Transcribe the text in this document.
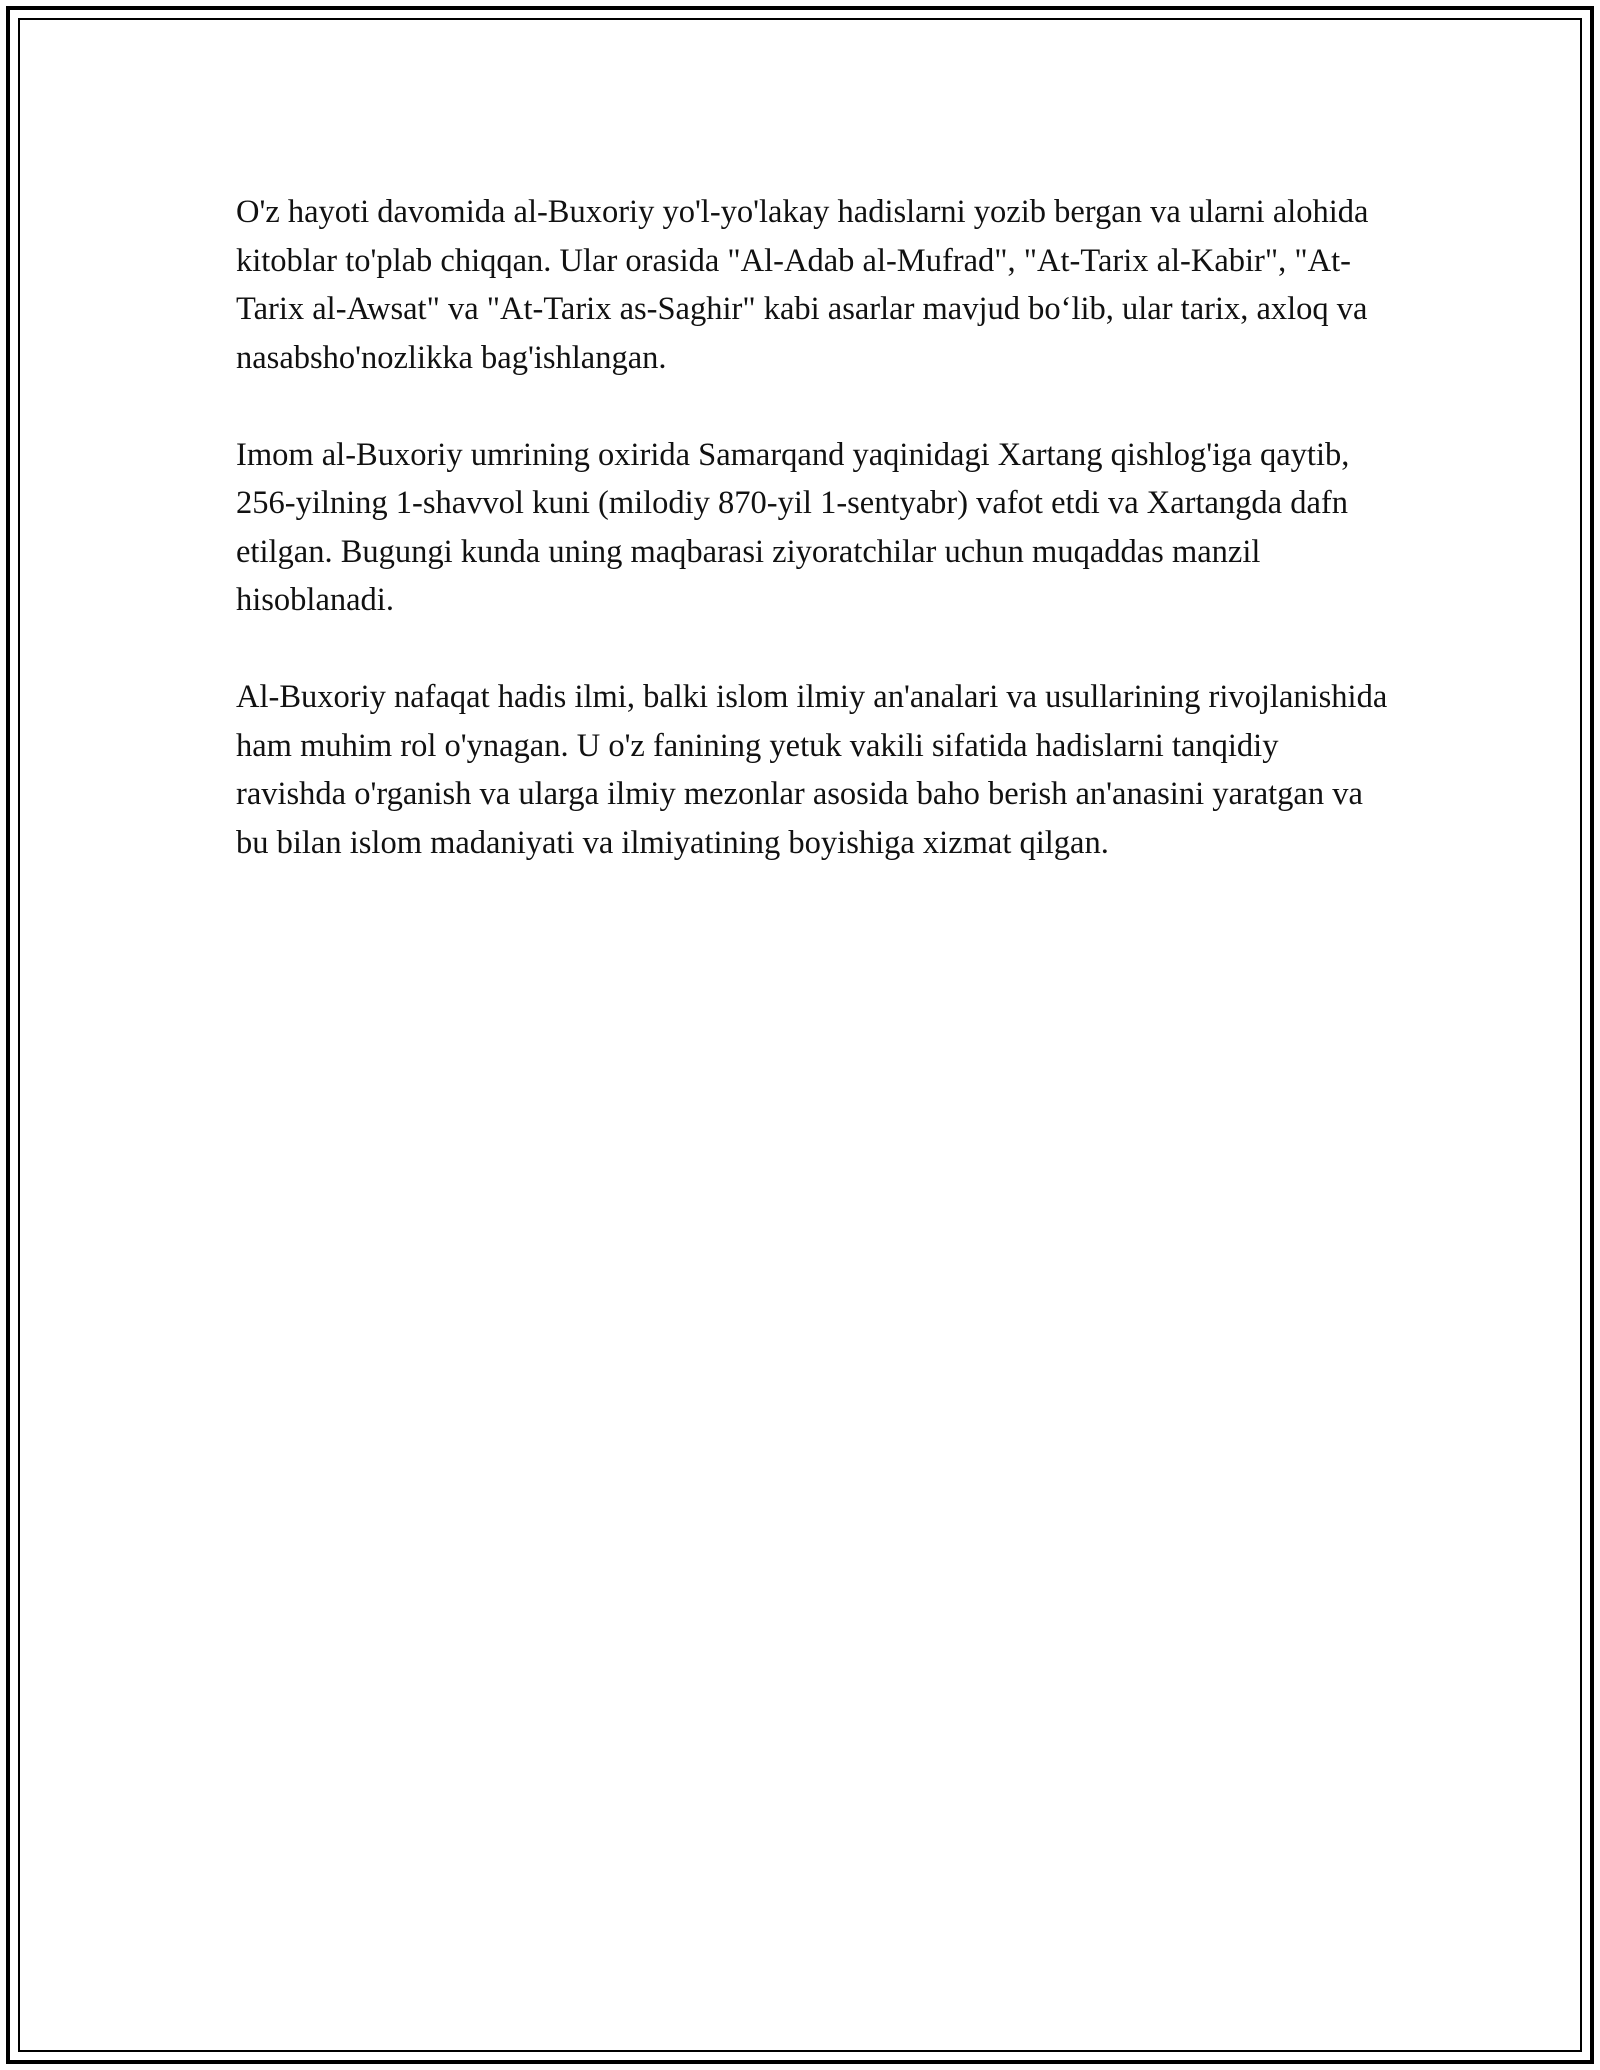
O'z hayoti davomida al-Buxoriy yo'l-yo'lakay hadislarni yozib bergan va ularni alohida kitoblar to'plab chiqqan. Ular orasida "Al-Adab al-Mufrad", "At-Tarix al-Kabir", "At-Tarix al-Awsat" va "At-Tarix as-Saghir" kabi asarlar mavjud bo‘lib, ular tarix, axloq va nasabsho'nozlikka bag'ishlangan.

Imom al-Buxoriy umrining oxirida Samarqand yaqinidagi Xartang qishlog'iga qaytib, 256-yilning 1-shavvol kuni (milodiy 870-yil 1-sentyabr) vafot etdi va Xartangda dafn etilgan. Bugungi kunda uning maqbarasi ziyoratchilar uchun muqaddas manzil hisoblanadi.

Al-Buxoriy nafaqat hadis ilmi, balki islom ilmiy an'analari va usullarining rivojlanishida ham muhim rol o'ynagan. U o'z fanining yetuk vakili sifatida hadislarni tanqidiy ravishda o'rganish va ularga ilmiy mezonlar asosida baho berish an'anasini yaratgan va bu bilan islom madaniyati va ilmiyatining boyishiga xizmat qilgan.
